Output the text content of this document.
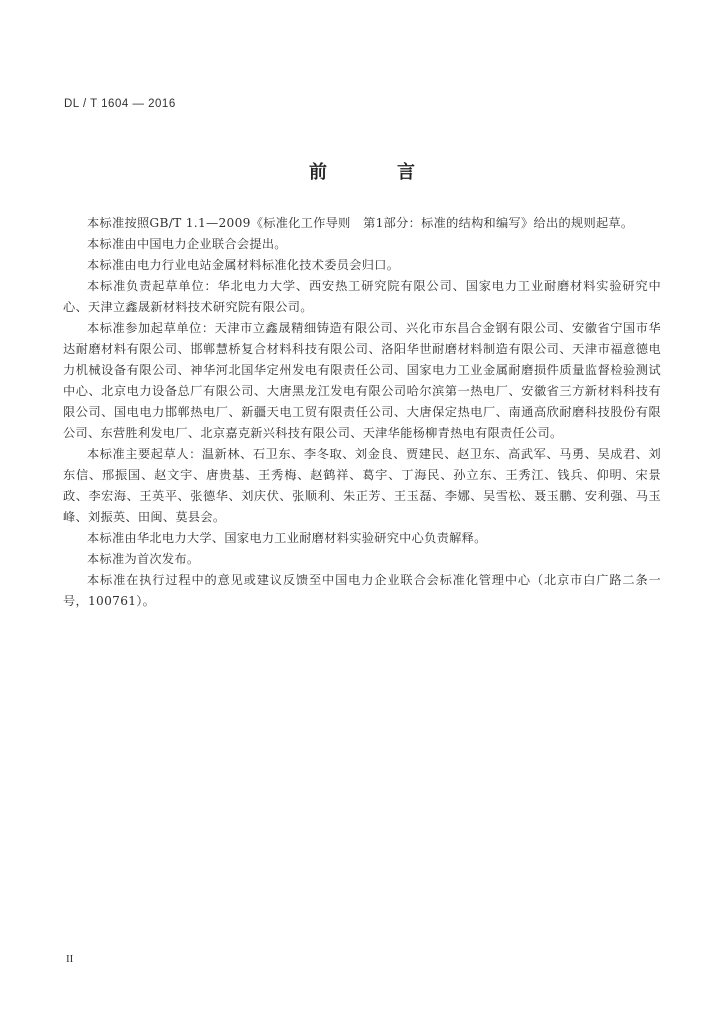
DL / T 1604 — 2016
前　言

本标准按照GB/T 1.1—2009《标准化工作导则　第1部分：标准的结构和编写》给出的规则起草。

本标准由中国电力企业联合会提出。

本标准由电力行业电站金属材料标准化技术委员会归口。

本标准负责起草单位：华北电力大学、西安热工研究院有限公司、国家电力工业耐磨材料实验研究中心、天津立鑫晟新材料技术研究院有限公司。

本标准参加起草单位：天津市立鑫晟精细铸造有限公司、兴化市东昌合金钢有限公司、安徽省宁国市华达耐磨材料有限公司、邯郸慧桥复合材料科技有限公司、洛阳华世耐磨材料制造有限公司、天津市福意德电力机械设备有限公司、神华河北国华定州发电有限责任公司、国家电力工业金属耐磨损件质量监督检验测试中心、北京电力设备总厂有限公司、大唐黑龙江发电有限公司哈尔滨第一热电厂、安徽省三方新材料科技有限公司、国电电力邯郸热电厂、新疆天电工贸有限责任公司、大唐保定热电厂、南通高欣耐磨科技股份有限公司、东营胜利发电厂、北京嘉克新兴科技有限公司、天津华能杨柳青热电有限责任公司。

本标准主要起草人：温新林、石卫东、李冬取、刘金良、贾建民、赵卫东、高武军、马勇、吴成君、刘东信、邢振国、赵文宇、唐贵基、王秀梅、赵鹤祥、葛宇、丁海民、孙立东、王秀江、钱兵、仰明、宋景政、李宏海、王英平、张德华、刘庆伏、张顺利、朱正芳、王玉磊、李娜、吴雪松、聂玉鹏、安利强、马玉峰、刘振英、田闽、莫县会。

本标准由华北电力大学、国家电力工业耐磨材料实验研究中心负责解释。

本标准为首次发布。

本标准在执行过程中的意见或建议反馈至中国电力企业联合会标准化管理中心（北京市白广路二条一号，100761）。

II
